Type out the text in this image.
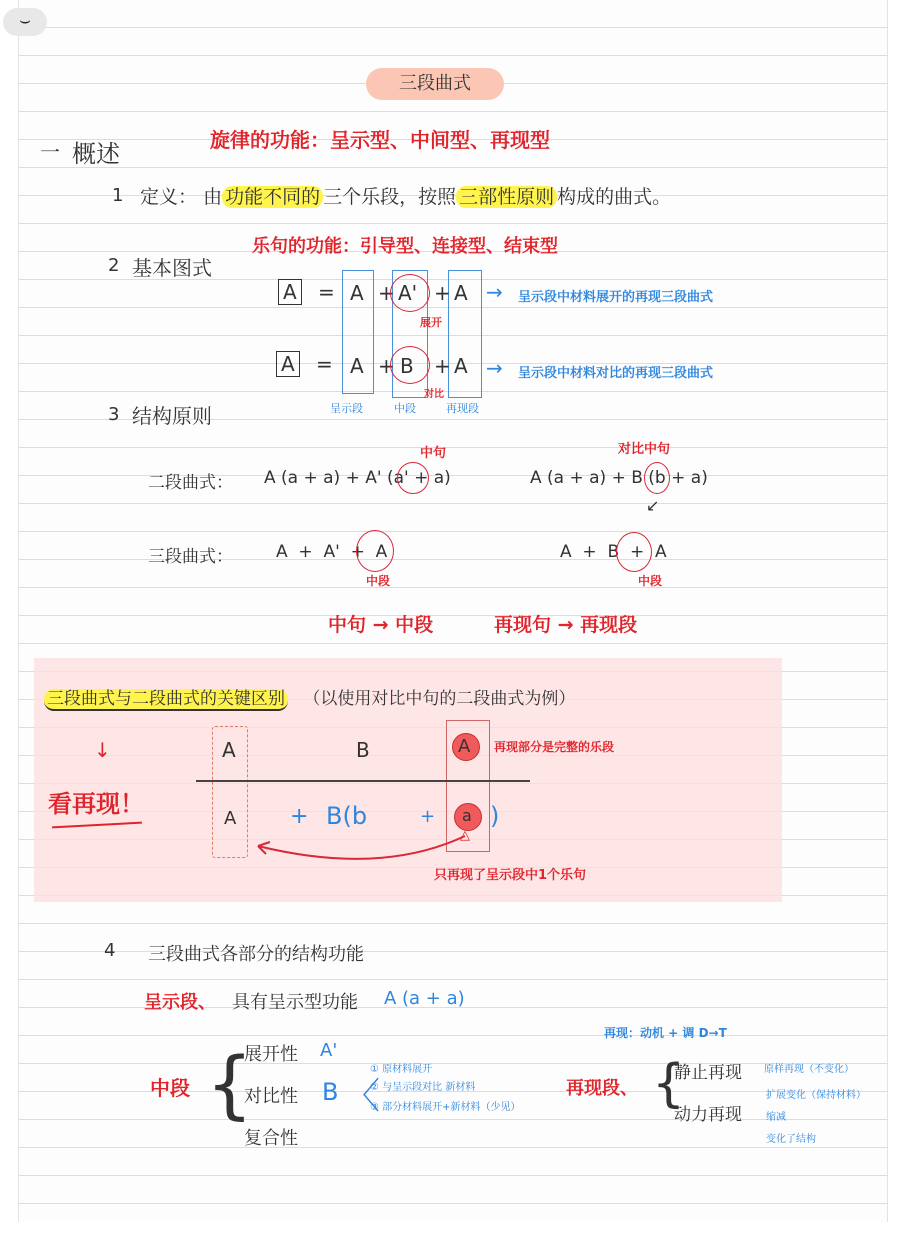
⌣
三段曲式
一 概述	旋律的功能：呈示型、中间型、再现型
1 定义： 由 功能不同的 三个乐段，按照 三部性原则 构成的曲式。
乐句的功能：引导型、连接型、结束型
2 基本图式
A = A + A' + A → 呈示段中材料展开的再现三段曲式
展开
A = A + B + A → 呈示段中材料对比的再现三段曲式
对比
呈示段	中段	再现段
3 结构原则
中句	对比中句
二段曲式： A (a + a) + A' (a' + a)	A (a + a) + B (b + a)
↙
三段曲式：	A  +  A'  +  A	A  +  B  +  A
中段	中段
中句 → 中段	再现句 → 再现段
三段曲式与二段曲式的关键区别 （以使用对比中句的二段曲式为例）
↓
看再现！
A	B	A 再现部分是完整的乐段
A + B(b	+ a )
△
只再现了呈示段中1个乐句
4 三段曲式各部分的结构功能
呈示段、 具有呈示型功能 A (a + a)
中段 {
展开性
对比性
复合性
A'
B 〈
① 原材料展开
② 与呈示段对比 新材料
③ 部分材料展开+新材料（少见）
再现：动机 + 调 D→T
再现段、 {
静止再现
动力再现
原样再现（不变化）
扩展变化（保持材料）
缩减
变化了结构
